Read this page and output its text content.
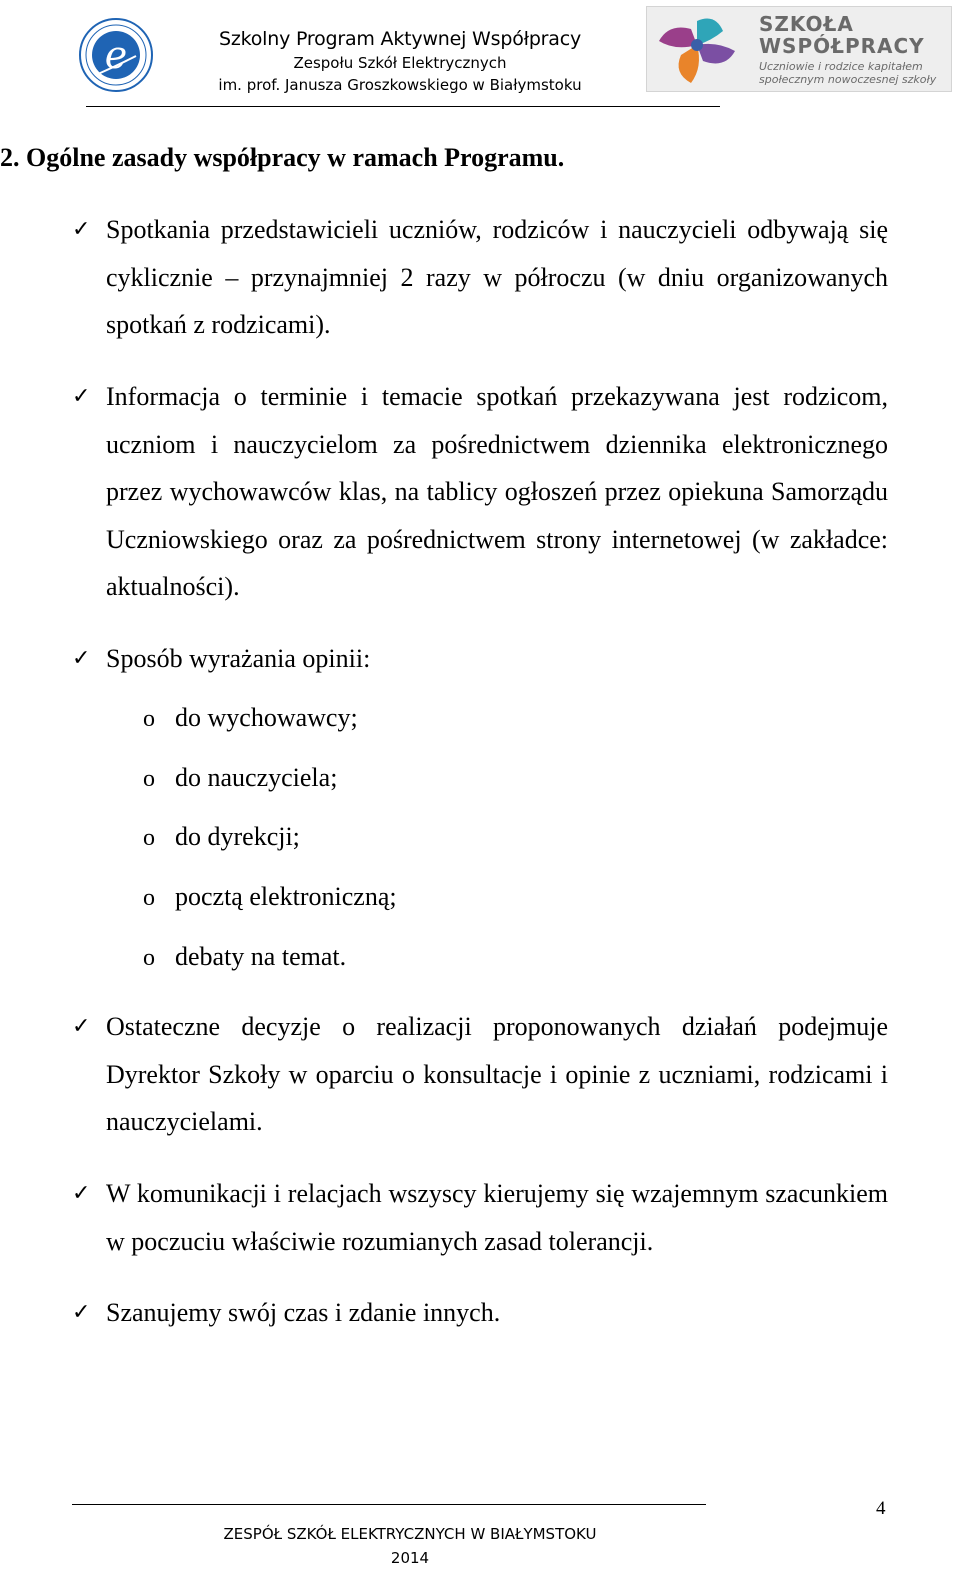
e	Szkolny Program Aktywnej Współpracy
Zespołu Szkół Elektrycznych
im. prof. Janusza Groszkowskiego w Białymstoku
SZKOŁA
WSPÓŁPRACY
Uczniowie i rodzice kapitałem
społecznym nowoczesnej szkoły
2. Ogólne zasady współpracy w ramach Programu.
✓ Spotkania przedstawicieli uczniów, rodziców i nauczycieli odbywają się cyklicznie – przynajmniej 2 razy w półroczu (w dniu organizowanych spotkań z rodzicami).
✓ Informacja o terminie i temacie spotkań przekazywana jest rodzicom, uczniom i nauczycielom za pośrednictwem dziennika elektronicznego przez wychowawców klas, na tablicy ogłoszeń przez opiekuna Samorządu Uczniowskiego oraz za pośrednictwem strony internetowej (w zakładce: aktualności).
✓ Sposób wyrażania opinii:
o do wychowawcy;
o do nauczyciela;
o do dyrekcji;
o pocztą elektroniczną;
o debaty na temat.
✓ Ostateczne decyzje o realizacji proponowanych działań podejmuje Dyrektor Szkoły w oparciu o konsultacje i opinie z uczniami, rodzicami i nauczycielami.
✓ W komunikacji i relacjach wszyscy kierujemy się wzajemnym szacunkiem w poczuciu właściwie rozumianych zasad tolerancji.
✓ Szanujemy swój czas i zdanie innych.
4
ZESPÓŁ SZKÓŁ ELEKTRYCZNYCH W BIAŁYMSTOKU
2014
